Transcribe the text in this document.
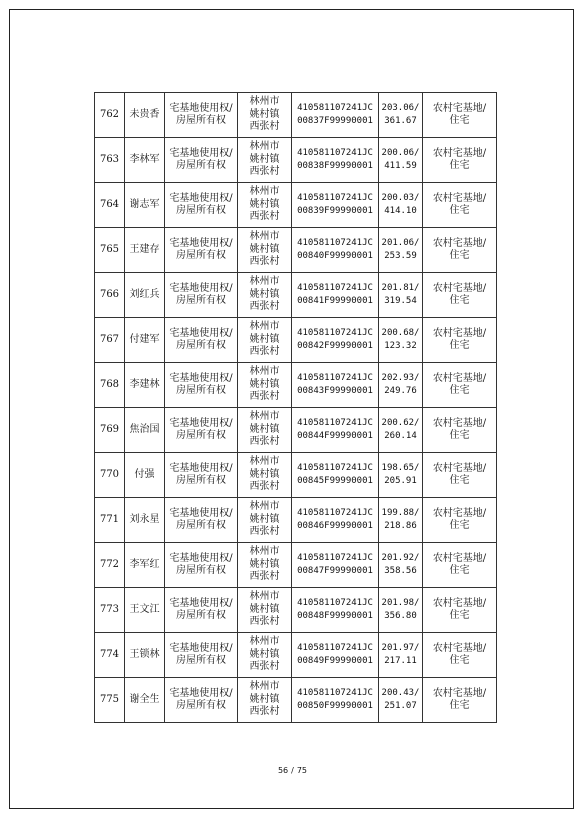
762	未贵香	宅基地使用权/
房屋所有权	林州市
姚村镇
西张村	410581107241JC
00837F99990001	203.06/
361.67	农村宅基地/
住宅

763	李林军	宅基地使用权/
房屋所有权	林州市
姚村镇
西张村	410581107241JC
00838F99990001	200.06/
411.59	农村宅基地/
住宅

764	谢志军	宅基地使用权/
房屋所有权	林州市
姚村镇
西张村	410581107241JC
00839F99990001	200.03/
414.10	农村宅基地/
住宅

765	王建存	宅基地使用权/
房屋所有权	林州市
姚村镇
西张村	410581107241JC
00840F99990001	201.06/
253.59	农村宅基地/
住宅

766	刘红兵	宅基地使用权/
房屋所有权	林州市
姚村镇
西张村	410581107241JC
00841F99990001	201.81/
319.54	农村宅基地/
住宅

767	付建军	宅基地使用权/
房屋所有权	林州市
姚村镇
西张村	410581107241JC
00842F99990001	200.68/
123.32	农村宅基地/
住宅

768	李建林	宅基地使用权/
房屋所有权	林州市
姚村镇
西张村	410581107241JC
00843F99990001	202.93/
249.76	农村宅基地/
住宅

769	焦治国	宅基地使用权/
房屋所有权	林州市
姚村镇
西张村	410581107241JC
00844F99990001	200.62/
260.14	农村宅基地/
住宅

770	付强	宅基地使用权/
房屋所有权	林州市
姚村镇
西张村	410581107241JC
00845F99990001	198.65/
205.91	农村宅基地/
住宅

771	刘永星	宅基地使用权/
房屋所有权	林州市
姚村镇
西张村	410581107241JC
00846F99990001	199.88/
218.86	农村宅基地/
住宅

772	李军红	宅基地使用权/
房屋所有权	林州市
姚村镇
西张村	410581107241JC
00847F99990001	201.92/
358.56	农村宅基地/
住宅

773	王文江	宅基地使用权/
房屋所有权	林州市
姚村镇
西张村	410581107241JC
00848F99990001	201.98/
356.80	农村宅基地/
住宅

774	王锁林	宅基地使用权/
房屋所有权	林州市
姚村镇
西张村	410581107241JC
00849F99990001	201.97/
217.11	农村宅基地/
住宅

775	谢全生	宅基地使用权/
房屋所有权	林州市
姚村镇
西张村	410581107241JC
00850F99990001	200.43/
251.07	农村宅基地/
住宅
56 / 75
